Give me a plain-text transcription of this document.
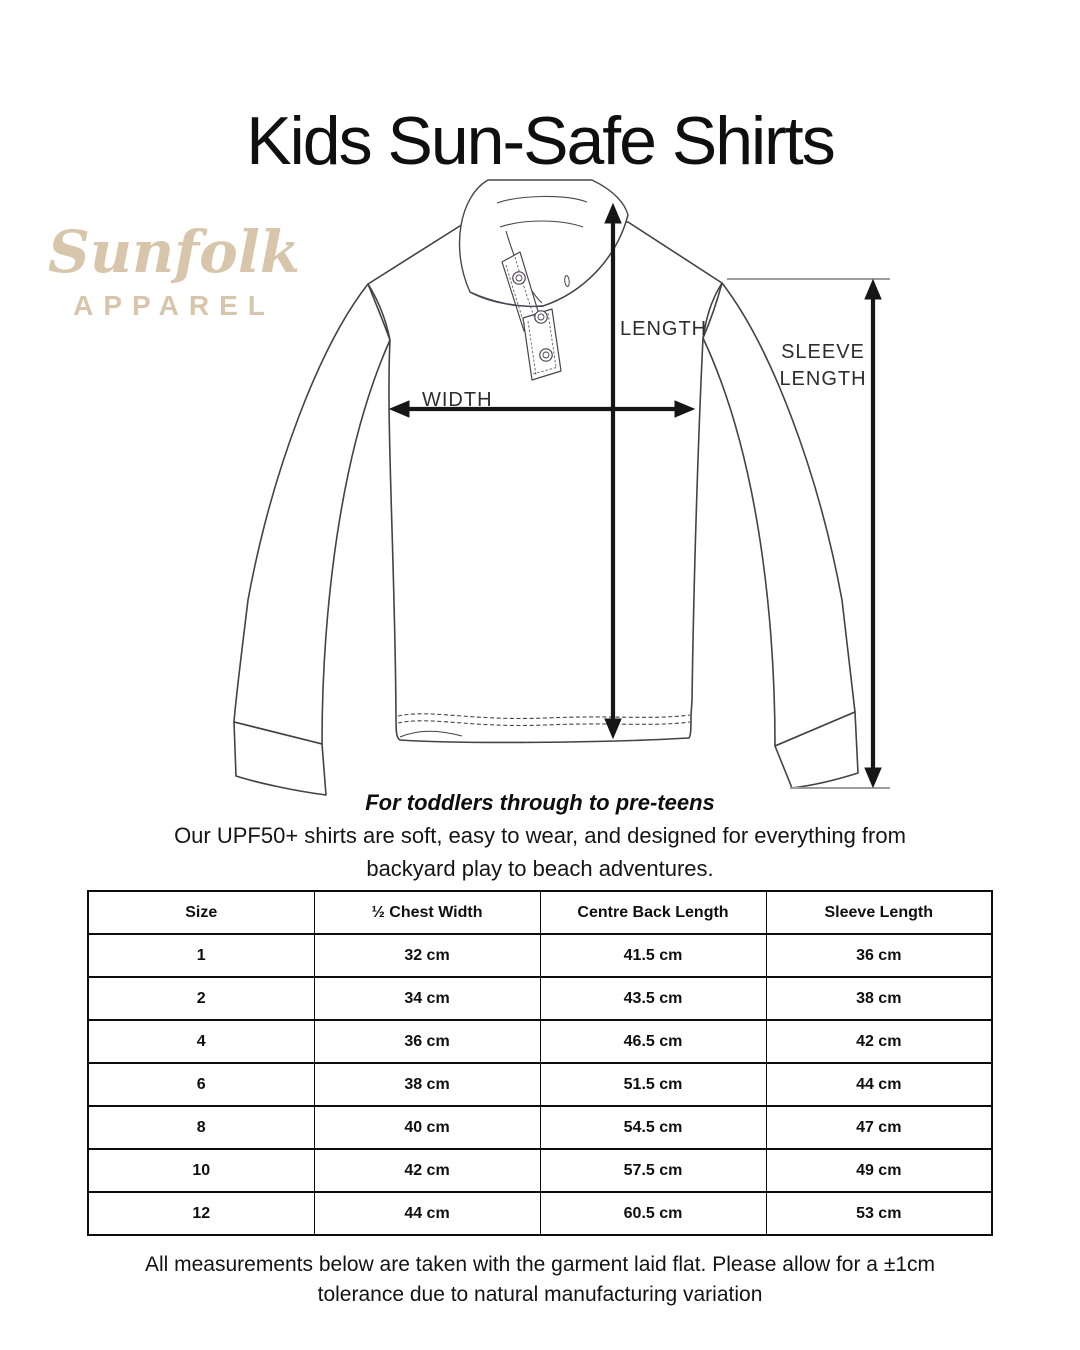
Kids Sun-Safe Shirts
Sunfolk
APPAREL
WIDTH
LENGTH
SLEEVE
LENGTH
For toddlers through to pre-teens
Our UPF50+ shirts are soft, easy to wear, and designed for everything from
backyard play to beach adventures.
Size	½ Chest Width	Centre Back Length	Sleeve Length
1	32 cm	41.5 cm	36 cm
2	34 cm	43.5 cm	38 cm
4	36 cm	46.5 cm	42 cm
6	38 cm	51.5 cm	44 cm
8	40 cm	54.5 cm	47 cm
10	42 cm	57.5 cm	49 cm
12	44 cm	60.5 cm	53 cm
All measurements below are taken with the garment laid flat. Please allow for a ±1cm
tolerance due to natural manufacturing variation
